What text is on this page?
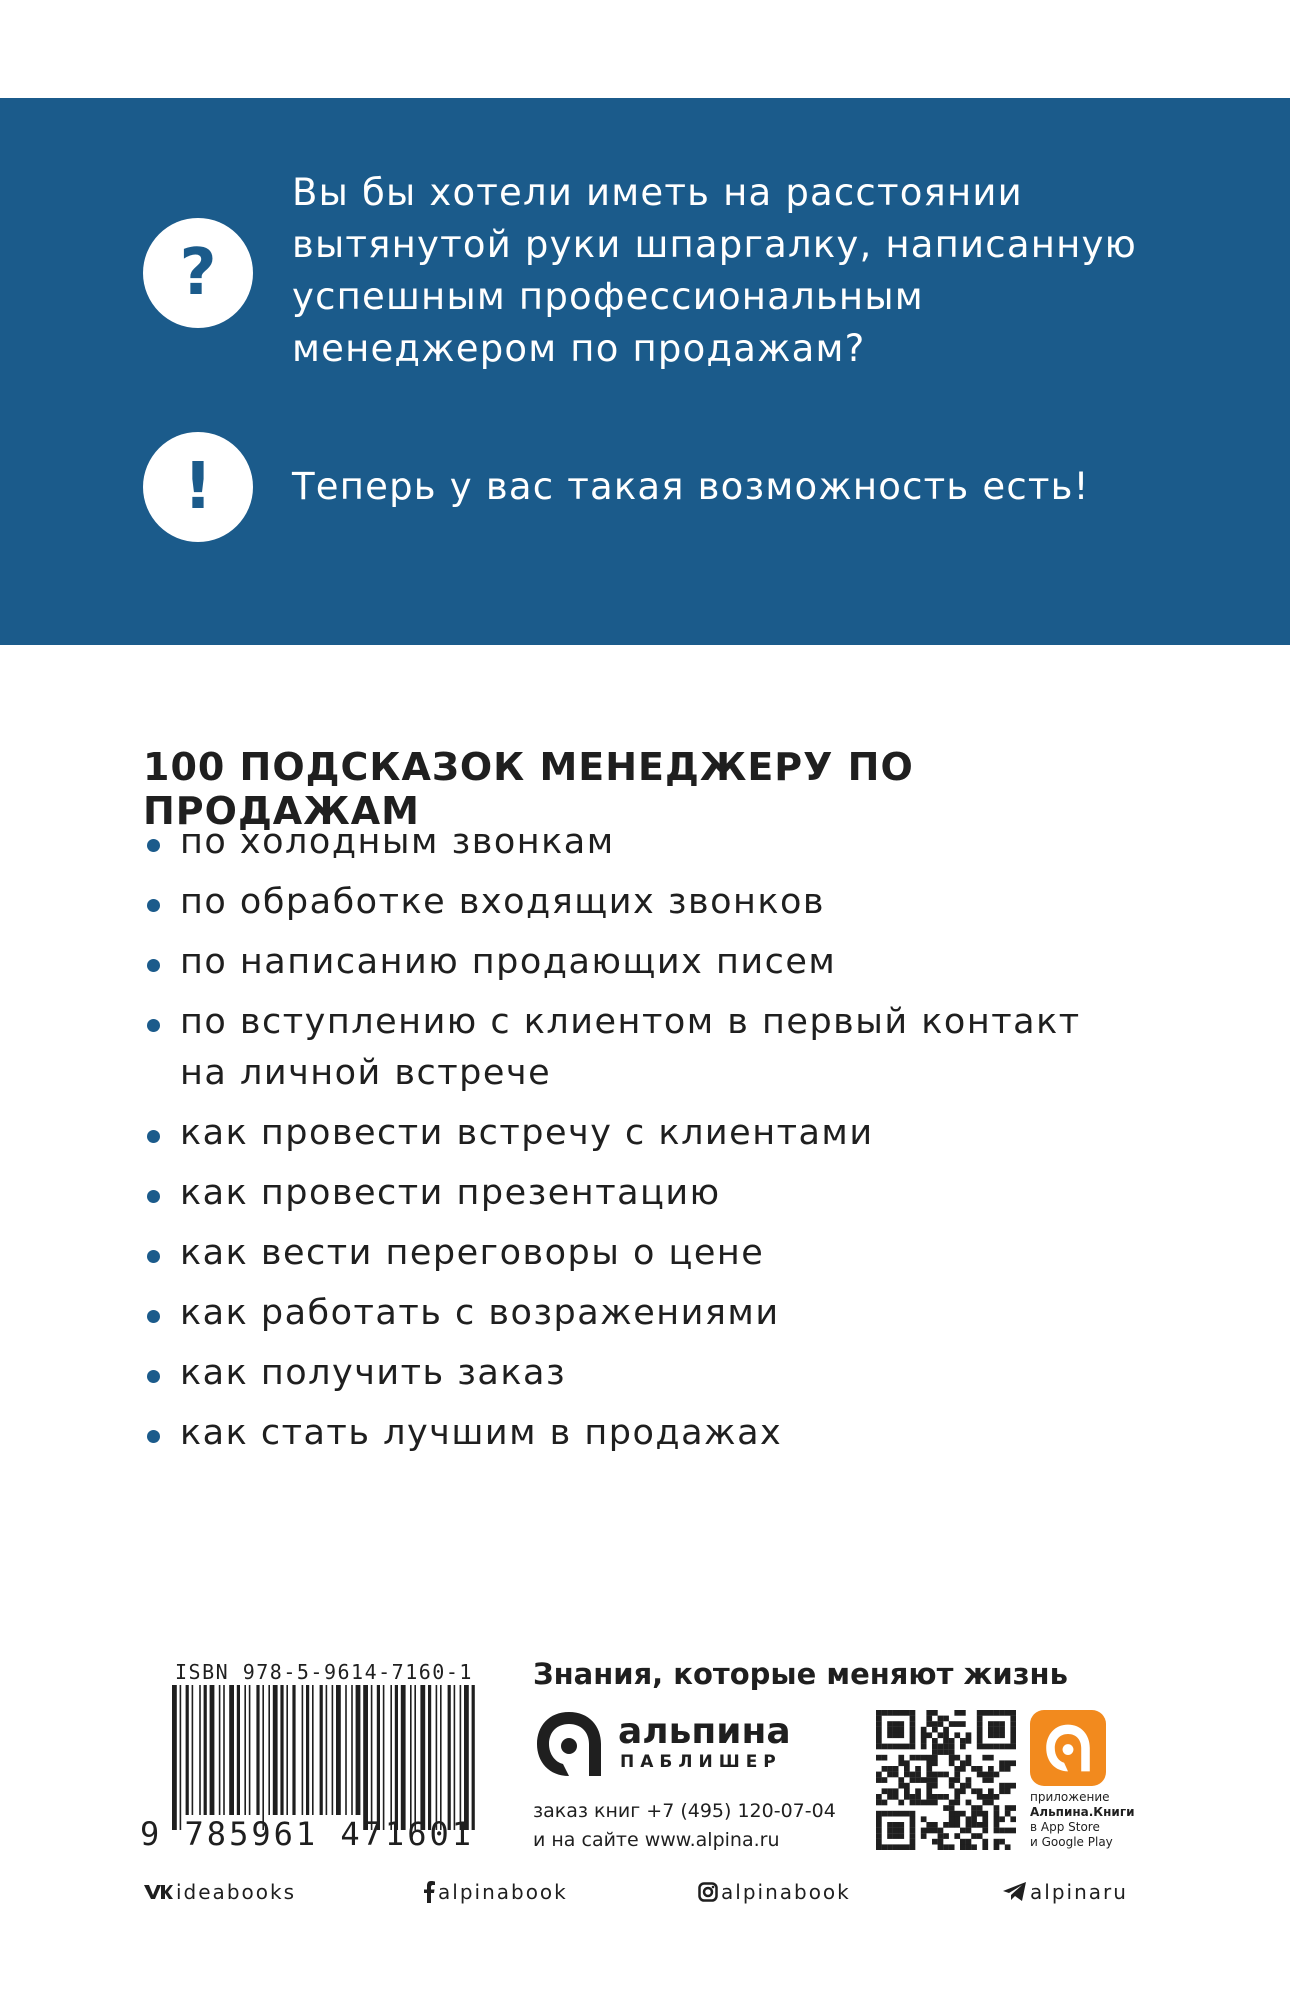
?
Вы бы хотели иметь на расстоянии
вытянутой руки шпаргалку, написанную
успешным профессиональным
менеджером по продажам?
!	Теперь у вас такая возможность есть!
100 ПОДСКАЗОК МЕНЕДЖЕРУ ПО ПРОДАЖАМ
по холодным звонкам
по обработке входящих звонков
по написанию продающих писем
по вступлению с клиентом в первый контакт
на личной встрече
как провести встречу с клиентами
как провести презентацию
как вести переговоры о цене
как работать с возражениями
как получить заказ
как стать лучшим в продажах
ISBN 978-5-9614-7160-1
9 785961 471601
Знания, которые меняют жизнь
альпина
ПАБЛИШЕР
заказ книг +7 (495) 120-07-04
и на сайте www.alpina.ru
приложение
Альпина.Книги
в App Store
и Google Play
ideabooks	alpinabook	alpinabook	alpinaru
